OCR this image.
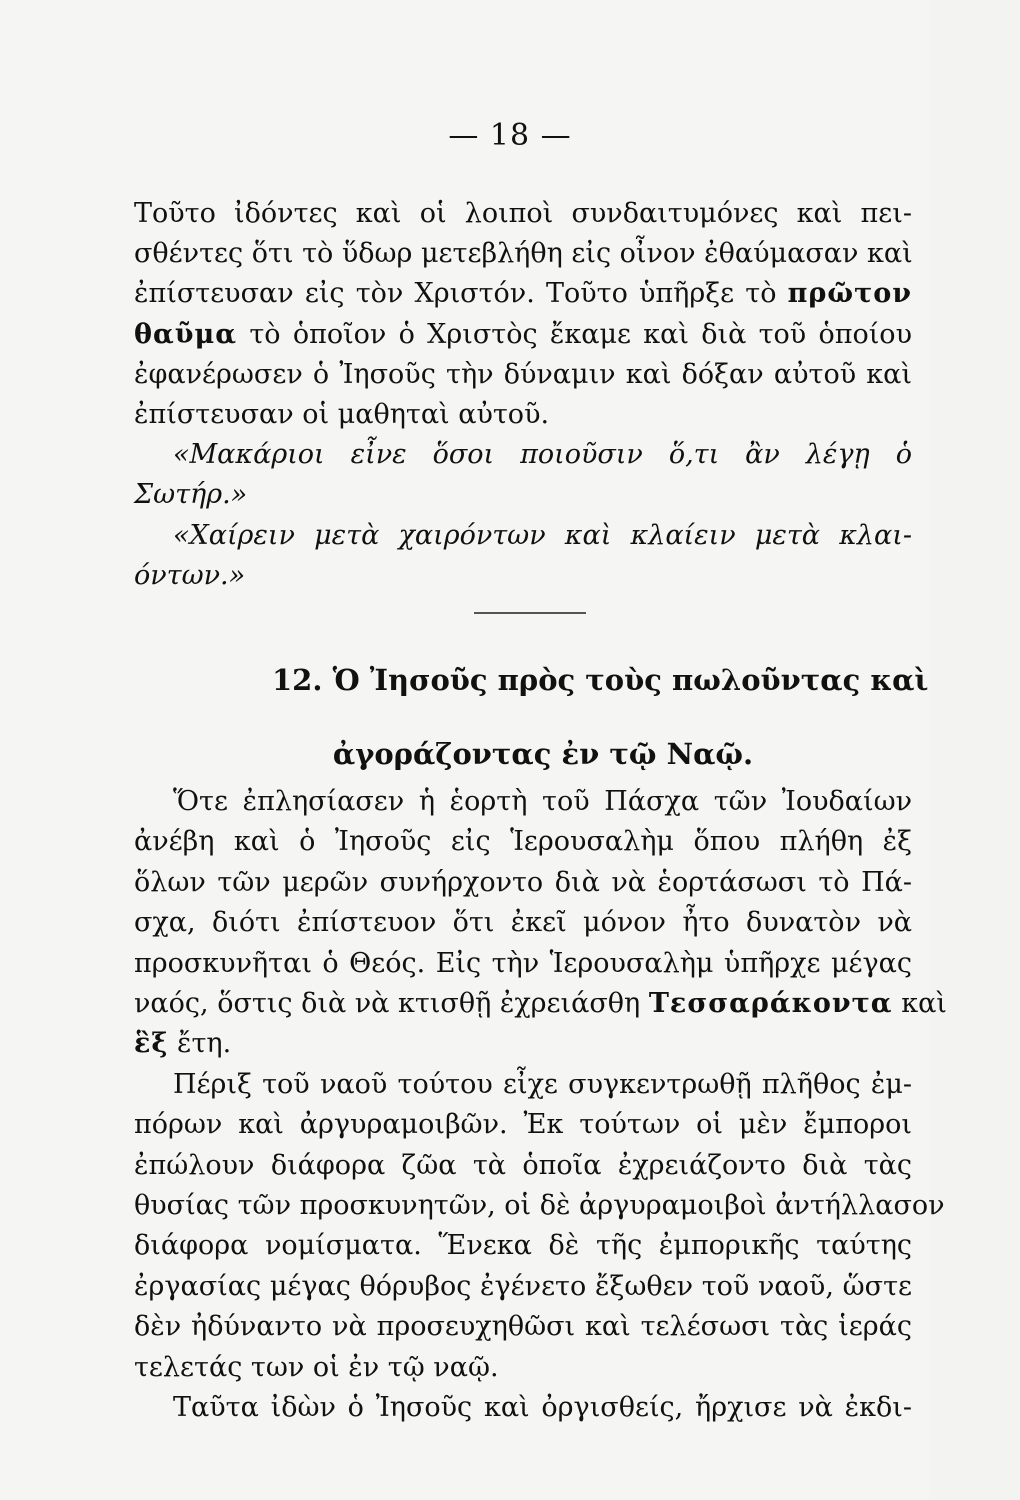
— 18 —
Τοῦτο ἰδόντες καὶ οἱ λοιποὶ συνδαιτυμόνες καὶ πει-
σθέντες ὅτι τὸ ὕδωρ μετεβλήθη εἰς οἶνον ἐθαύμασαν καὶ
ἐπίστευσαν εἰς τὸν Χριστόν. Τοῦτο ὑπῆρξε τὸ πρῶτον
θαῦμα τὸ ὁποῖον ὁ Χριστὸς ἔκαμε καὶ διὰ τοῦ ὁποίου
ἐφανέρωσεν ὁ Ἰησοῦς τὴν δύναμιν καὶ δόξαν αὐτοῦ καὶ
ἐπίστευσαν οἱ μαθηταὶ αὐτοῦ.
«Μακάριοι εἶνε ὅσοι ποιοῦσιν ὅ,τι ἂν λέγῃ ὁ
Σωτήρ.»
«Χαίρειν μετὰ χαιρόντων καὶ κλαίειν μετὰ κλαι-
όντων.»
12. Ὁ Ἰησοῦς πρὸς τοὺς πωλοῦντας καὶ
ἀγοράζοντας ἐν τῷ Ναῷ.
Ὅτε ἐπλησίασεν ἡ ἑορτὴ τοῦ Πάσχα τῶν Ἰουδαίων
ἀνέβη καὶ ὁ Ἰησοῦς εἰς Ἱερουσαλὴμ ὅπου πλήθη ἐξ
ὅλων τῶν μερῶν συνήρχοντο διὰ νὰ ἑορτάσωσι τὸ Πά-
σχα, διότι ἐπίστευον ὅτι ἐκεῖ μόνον ἦτο δυνατὸν νὰ
προσκυνῆται ὁ Θεός. Εἰς τὴν Ἱερουσαλὴμ ὑπῆρχε μέγας
ναός, ὅστις διὰ νὰ κτισθῇ ἐχρειάσθη Τεσσαράκοντα καὶ
ἓξ ἔτη.
Πέριξ τοῦ ναοῦ τούτου εἶχε συγκεντρωθῇ πλῆθος ἐμ-
πόρων καὶ ἀργυραμοιβῶν. Ἐκ τούτων οἱ μὲν ἔμποροι
ἐπώλουν διάφορα ζῶα τὰ ὁποῖα ἐχρειάζοντο διὰ τὰς
θυσίας τῶν προσκυνητῶν, οἱ δὲ ἀργυραμοιβοὶ ἀντήλλασον
διάφορα νομίσματα. Ἕνεκα δὲ τῆς ἐμπορικῆς ταύτης
ἐργασίας μέγας θόρυβος ἐγένετο ἔξωθεν τοῦ ναοῦ, ὥστε
δὲν ἠδύναντο νὰ προσευχηθῶσι καὶ τελέσωσι τὰς ἱεράς
τελετάς των οἱ ἐν τῷ ναῷ.
Ταῦτα ἰδὼν ὁ Ἰησοῦς καὶ ὀργισθείς, ἤρχισε νὰ ἐκδι-
